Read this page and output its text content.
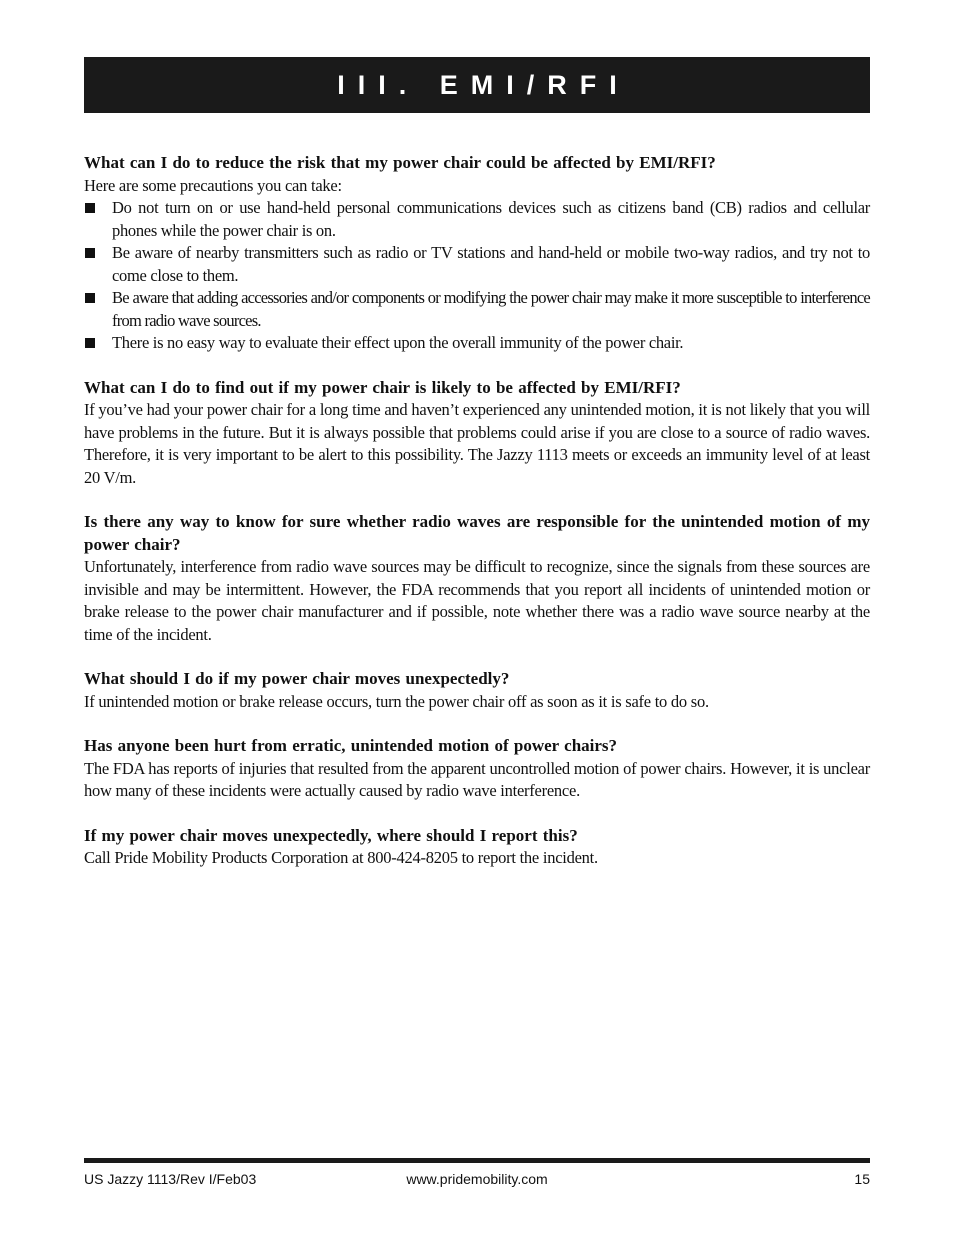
III. EMI/RFI
What can I do to reduce the risk that my power chair could be affected by EMI/RFI?
Here are some precautions you can take:
Do not turn on or use hand-held personal communications devices such as citizens band (CB) radios and cellular phones while the power chair is on.
Be aware of nearby transmitters such as radio or TV stations and hand-held or mobile two-way radios, and try not to come close to them.
Be aware that adding accessories and/or components or modifying the power chair may make it more susceptible to interference from radio wave sources.
There is no easy way to evaluate their effect upon the overall immunity of the power chair.
What can I do to find out if my power chair is likely to be affected by EMI/RFI?
If you’ve had your power chair for a long time and haven’t experienced any unintended motion, it is not likely that you will have problems in the future. But it is always possible that problems could arise if you are close to a source of radio waves. Therefore, it is very important to be alert to this possibility. The Jazzy 1113 meets or exceeds an immunity level of at least 20 V/m.
Is there any way to know for sure whether radio waves are responsible for the unintended motion of my power chair?
Unfortunately, interference from radio wave sources may be difficult to recognize, since the signals from these sources are invisible and may be intermittent. However, the FDA recommends that you report all incidents of unintended motion or brake release to the power chair manufacturer and if possible, note whether there was a radio wave source nearby at the time of the incident.
What should I do if my power chair moves unexpectedly?
If unintended motion or brake release occurs, turn the power chair off as soon as it is safe to do so.
Has anyone been hurt from erratic, unintended motion of power chairs?
The FDA has reports of injuries that resulted from the apparent uncontrolled motion of power chairs. However, it is unclear how many of these incidents were actually caused by radio wave interference.
If my power chair moves unexpectedly, where should I report this?
Call Pride Mobility Products Corporation at 800-424-8205 to report the incident.
US Jazzy 1113/Rev I/Feb03	www.pridemobility.com	15
